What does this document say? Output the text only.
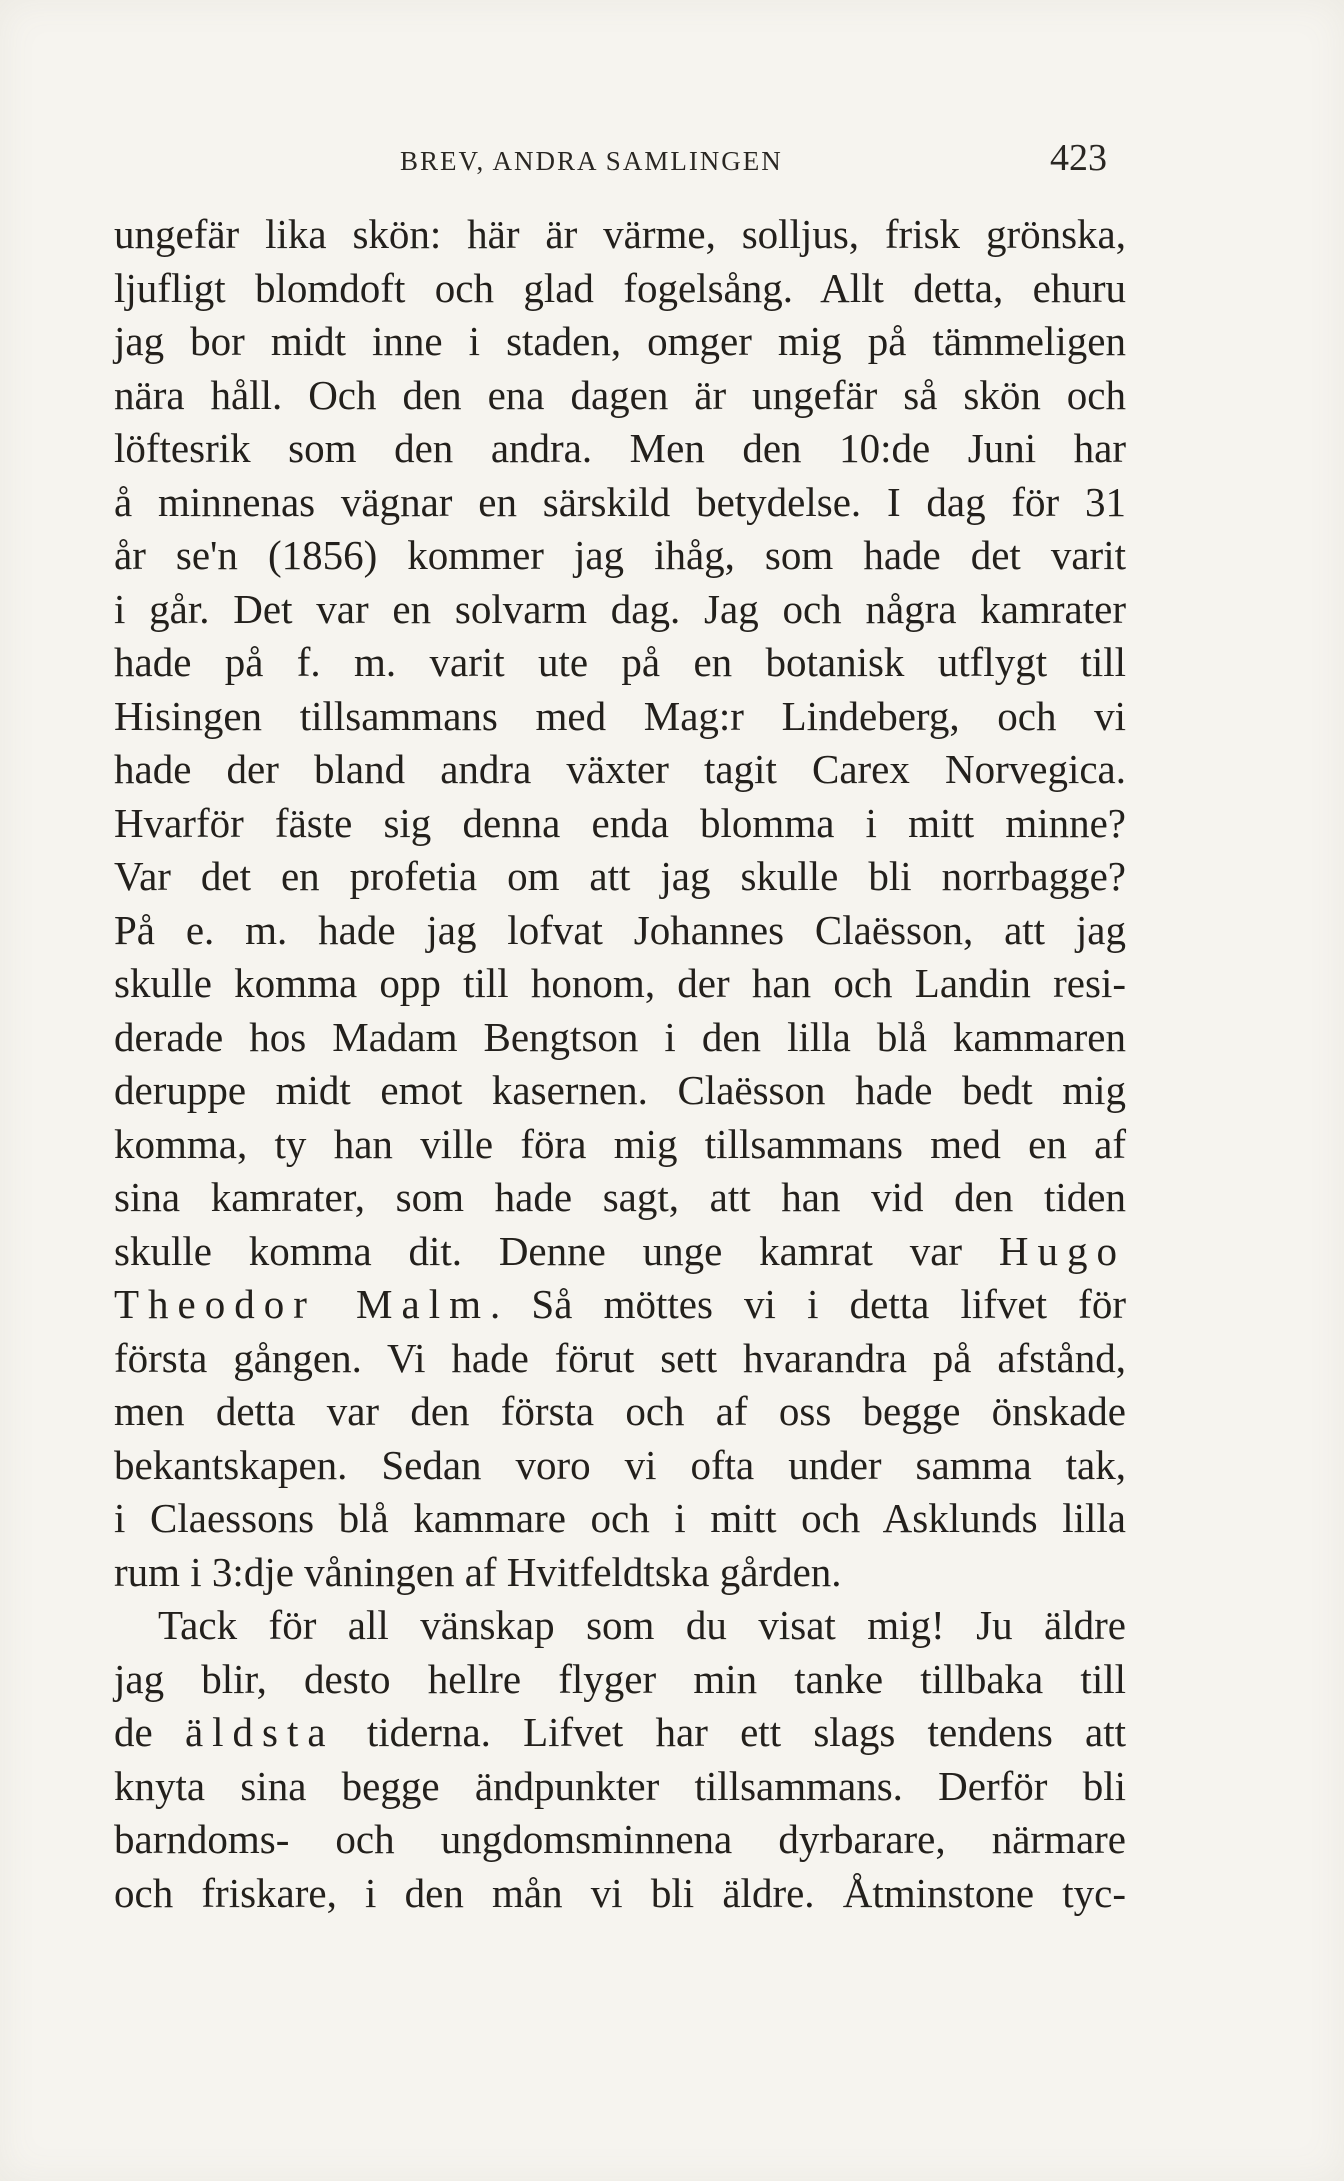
BREV, ANDRA SAMLINGEN	423
ungefär lika skön: här är värme, solljus, frisk grönska,
ljufligt blomdoft och glad fogelsång. Allt detta, ehuru
jag bor midt inne i staden, omger mig på tämmeligen
nära håll. Och den ena dagen är ungefär så skön och
löftesrik som den andra. Men den 10:de Juni har
å minnenas vägnar en särskild betydelse. I dag för 31
år se'n (1856) kommer jag ihåg, som hade det varit
i går. Det var en solvarm dag. Jag och några kamrater
hade på f. m. varit ute på en botanisk utflygt till
Hisingen tillsammans med Mag:r Lindeberg, och vi
hade der bland andra växter tagit Carex Norvegica.
Hvarför fäste sig denna enda blomma i mitt minne?
Var det en profetia om att jag skulle bli norrbagge?
På e. m. hade jag lofvat Johannes Claësson, att jag
skulle komma opp till honom, der han och Landin resi-
derade hos Madam Bengtson i den lilla blå kammaren
deruppe midt emot kasernen. Claësson hade bedt mig
komma, ty han ville föra mig tillsammans med en af
sina kamrater, som hade sagt, att han vid den tiden
skulle komma dit. Denne unge kamrat var Hugo
Theodor Malm. Så möttes vi i detta lifvet för
första gången. Vi hade förut sett hvarandra på afstånd,
men detta var den första och af oss begge önskade
bekantskapen. Sedan voro vi ofta under samma tak,
i Claessons blå kammare och i mitt och Asklunds lilla
rum i 3:dje våningen af Hvitfeldtska gården.
Tack för all vänskap som du visat mig! Ju äldre
jag blir, desto hellre flyger min tanke tillbaka till
de äldsta tiderna. Lifvet har ett slags tendens att
knyta sina begge ändpunkter tillsammans. Derför bli
barndoms- och ungdomsminnena dyrbarare, närmare
och friskare, i den mån vi bli äldre. Åtminstone tyc-
